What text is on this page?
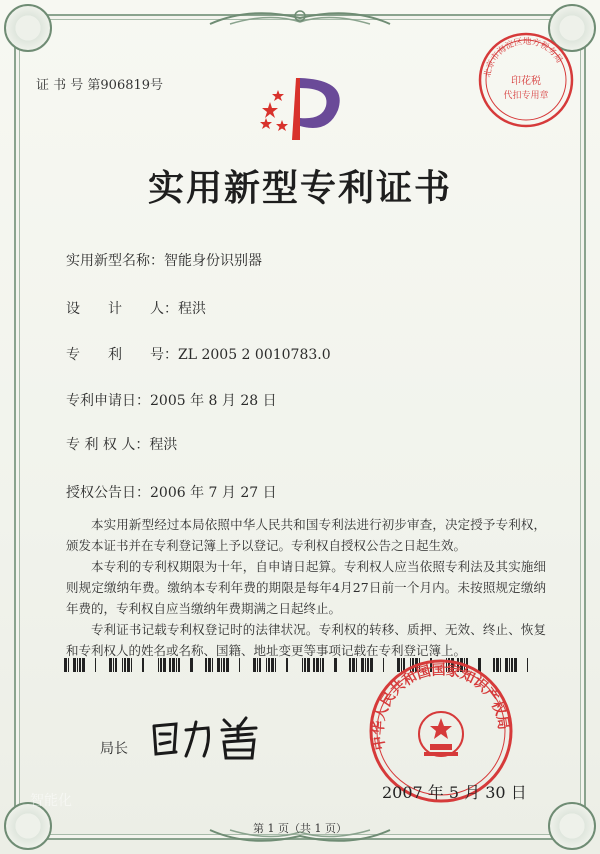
证 书 号 第906819号
北京市海淀区地方税务局
印花税
代扣专用章
实用新型专利证书
实用新型名称：智能身份识别器
设　　计　　人：程洪
专　　利　　号：ZL 2005 2 0010783.0
专利申请日：2005 年 8 月 28 日
专 利 权 人：程洪
授权公告日：2006 年 7 月 27 日

本实用新型经过本局依照中华人民共和国专利法进行初步审查，决定授予专利权，颁发本证书并在专利登记簿上予以登记。专利权自授权公告之日起生效。

本专利的专利权期限为十年，自申请日起算。专利权人应当依照专利法及其实施细则规定缴纳年费。缴纳本专利年费的期限是每年4月27日前一个月内。未按照规定缴纳年费的，专利权自应当缴纳年费期满之日起终止。

专利证书记载专利权登记时的法律状况。专利权的转移、质押、无效、终止、恢复和专利权人的姓名或名称、国籍、地址变更等事项记载在专利登记簿上。

局长	中华人民共和国国家知识产权局
2007 年 5 月 30 日
智能化
第 1 页（共 1 页）
